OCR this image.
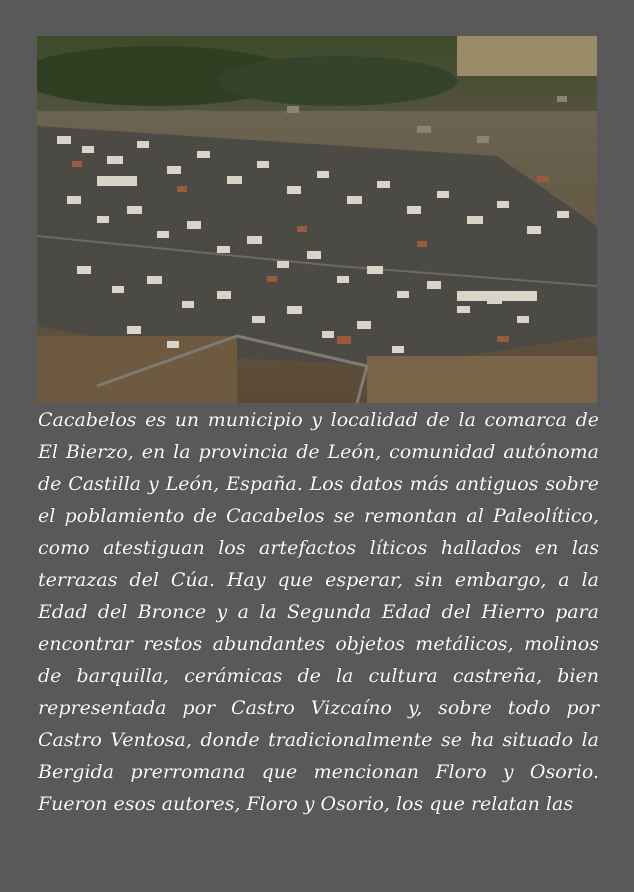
Cacabelos es un municipio y localidad de la comarca de El Bierzo, en la provincia de León, comunidad autónoma de Castilla y León, España. Los datos más antiguos sobre el poblamiento de Cacabelos se remontan al Paleolítico, como atestiguan los artefactos líticos hallados en las terrazas del Cúa. Hay que esperar, sin embargo, a la Edad del Bronce y a la Segunda Edad del Hierro para encontrar restos abundantes objetos metálicos, molinos de barquilla, cerámicas de la cultura castreña, bien representada por Castro Vizcaíno y, sobre todo por Castro Ventosa, donde tradicionalmente se ha situado la Bergida prerromana que mencionan Floro y Osorio. Fueron esos autores, Floro y Osorio, los que relatan las
